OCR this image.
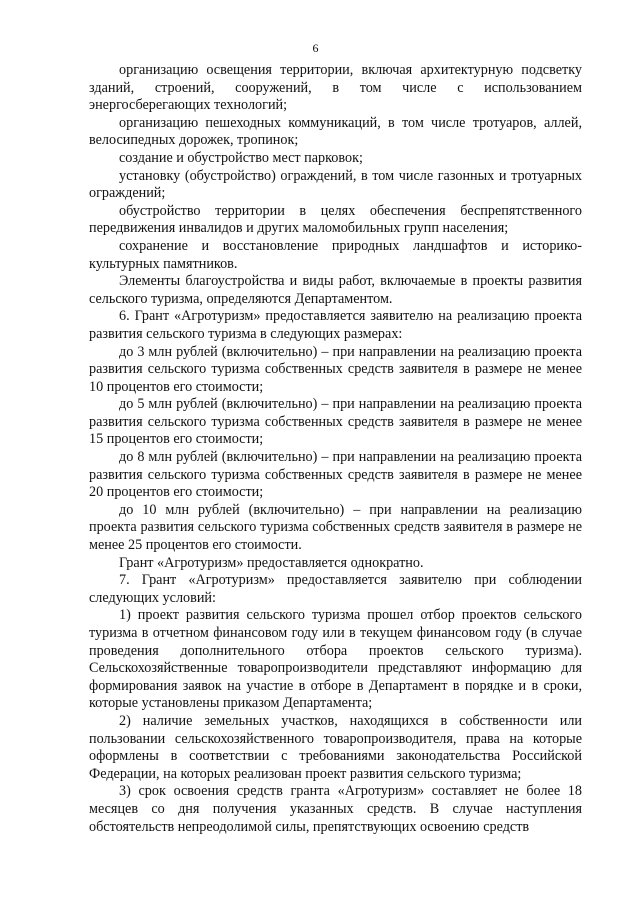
6

организацию освещения территории, включая архитектурную подсветку зданий, строений, сооружений, в том числе с использованием энергосберегающих технологий;

организацию пешеходных коммуникаций, в том числе тротуаров, аллей, велосипедных дорожек, тропинок;

создание и обустройство мест парковок;

установку (обустройство) ограждений, в том числе газонных и тротуарных ограждений;

обустройство территории в целях обеспечения беспрепятственного передвижения инвалидов и других маломобильных групп населения;

сохранение и восстановление природных ландшафтов и историко-культурных памятников.

Элементы благоустройства и виды работ, включаемые в проекты развития сельского туризма, определяются Департаментом.

6. Грант «Агротуризм» предоставляется заявителю на реализацию проекта развития сельского туризма в следующих размерах:

до 3 млн рублей (включительно) – при направлении на реализацию проекта развития сельского туризма собственных средств заявителя в размере не менее 10 процентов его стоимости;

до 5 млн рублей (включительно) – при направлении на реализацию проекта развития сельского туризма собственных средств заявителя в размере не менее 15 процентов его стоимости;

до 8 млн рублей (включительно) – при направлении на реализацию проекта развития сельского туризма собственных средств заявителя в размере не менее 20 процентов его стоимости;

до 10 млн рублей (включительно) – при направлении на реализацию проекта развития сельского туризма собственных средств заявителя в размере не менее 25 процентов его стоимости.

Грант «Агротуризм» предоставляется однократно.

7. Грант «Агротуризм» предоставляется заявителю при соблюдении следующих условий:

1) проект развития сельского туризма прошел отбор проектов сельского туризма в отчетном финансовом году или в текущем финансовом году (в случае проведения дополнительного отбора проектов сельского туризма). Сельскохозяйственные товаропроизводители представляют информацию для формирования заявок на участие в отборе в Департамент в порядке и в сроки, которые установлены приказом Департамента;

2) наличие земельных участков, находящихся в собственности или пользовании сельскохозяйственного товаропроизводителя, права на которые оформлены в соответствии с требованиями законодательства Российской Федерации, на которых реализован проект развития сельского туризма;

3) срок освоения средств гранта «Агротуризм» составляет не более 18 месяцев со дня получения указанных средств. В случае наступления обстоятельств непреодолимой силы, препятствующих освоению средств
